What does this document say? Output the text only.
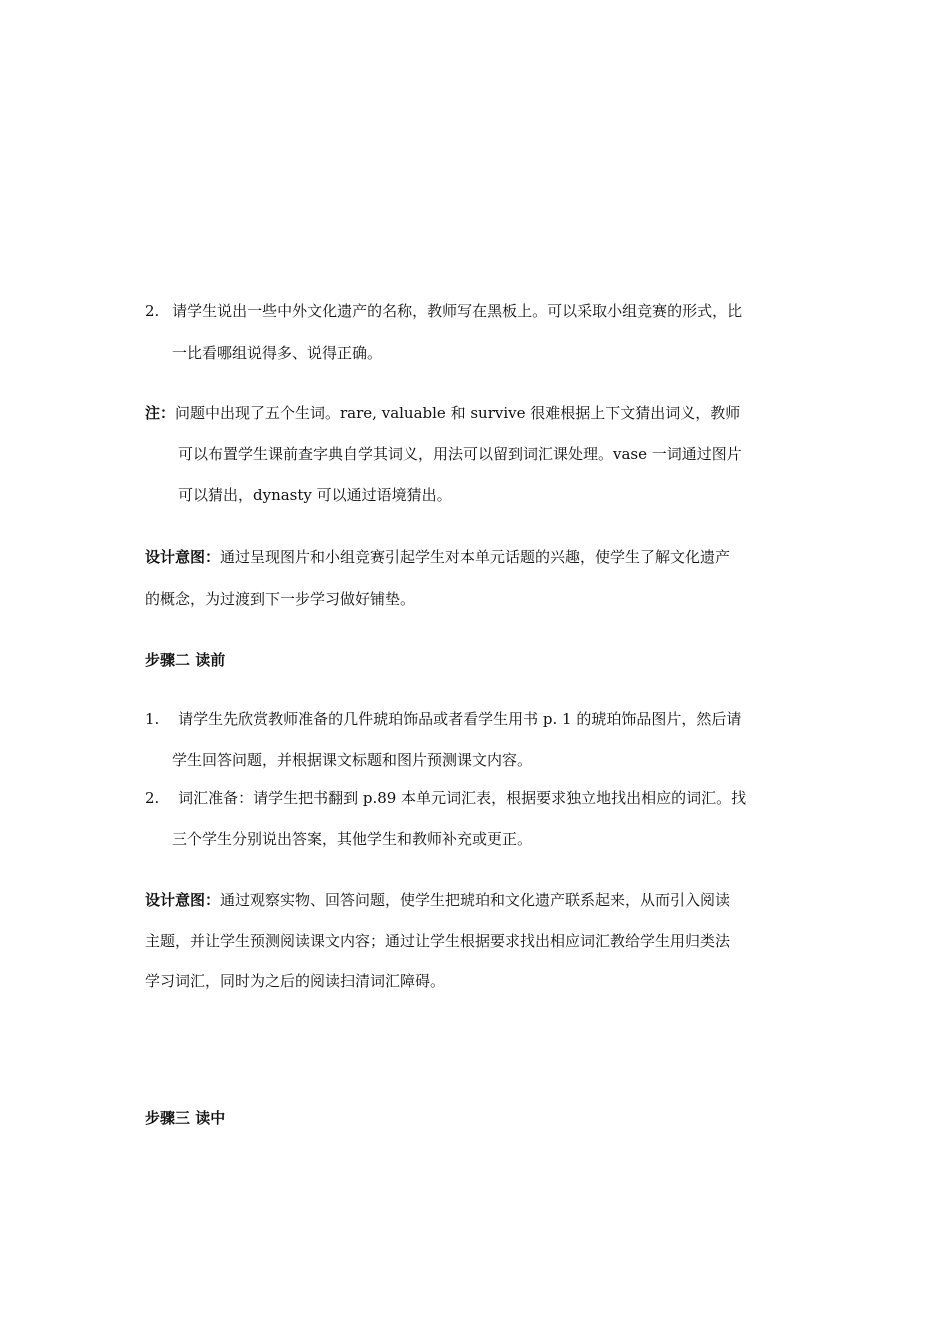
2. 请学生说出一些中外文化遗产的名称，教师写在黑板上。可以采取小组竞赛的形式，比
一比看哪组说得多、说得正确。
注：问题中出现了五个生词。rare, valuable 和 survive 很难根据上下文猜出词义，教师
可以布置学生课前查字典自学其词义，用法可以留到词汇课处理。vase 一词通过图片
可以猜出，dynasty 可以通过语境猜出。
设计意图：通过呈现图片和小组竞赛引起学生对本单元话题的兴趣，使学生了解文化遗产
的概念，为过渡到下一步学习做好铺垫。
步骤二 读前
1. 请学生先欣赏教师准备的几件琥珀饰品或者看学生用书 p. 1 的琥珀饰品图片，然后请
学生回答问题，并根据课文标题和图片预测课文内容。
2. 词汇准备：请学生把书翻到 p.89 本单元词汇表，根据要求独立地找出相应的词汇。找
三个学生分别说出答案，其他学生和教师补充或更正。
设计意图：通过观察实物、回答问题，使学生把琥珀和文化遗产联系起来，从而引入阅读
主题，并让学生预测阅读课文内容；通过让学生根据要求找出相应词汇教给学生用归类法
学习词汇，同时为之后的阅读扫清词汇障碍。
步骤三 读中
